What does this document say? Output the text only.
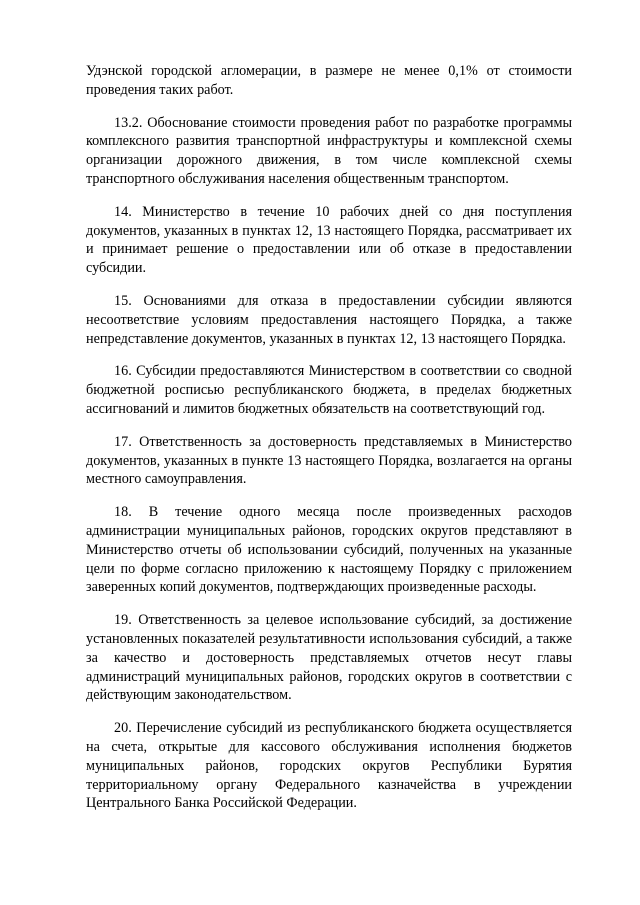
Удэнской городской агломерации, в размере не менее 0,1% от стоимости проведения таких работ.

13.2. Обоснование стоимости проведения работ по разработке программы комплексного развития транспортной инфраструктуры и комплексной схемы организации дорожного движения, в том числе комплексной схемы транспортного обслуживания населения общественным транспортом.

14. Министерство в течение 10 рабочих дней со дня поступления документов, указанных в пунктах 12, 13 настоящего Порядка, рассматривает их и принимает решение о предоставлении или об отказе в предоставлении субсидии.

15. Основаниями для отказа в предоставлении субсидии являются несоответствие условиям предоставления настоящего Порядка, а также непредставление документов, указанных в пунктах 12, 13 настоящего Порядка.

16. Субсидии предоставляются Министерством в соответствии со сводной бюджетной росписью республиканского бюджета, в пределах бюджетных ассигнований и лимитов бюджетных обязательств на соответствующий год.

17. Ответственность за достоверность представляемых в Министерство документов, указанных в пункте 13 настоящего Порядка, возлагается на органы местного самоуправления.

18. В течение одного месяца после произведенных расходов администрации муниципальных районов, городских округов представляют в Министерство отчеты об использовании субсидий, полученных на указанные цели по форме согласно приложению к настоящему Порядку с приложением заверенных копий документов, подтверждающих произведенные расходы.

19. Ответственность за целевое использование субсидий, за достижение установленных показателей результативности использования субсидий, а также за качество и достоверность представляемых отчетов несут главы администраций муниципальных районов, городских округов в соответствии с действующим законодательством.

20. Перечисление субсидий из республиканского бюджета осуществляется на счета, открытые для кассового обслуживания исполнения бюджетов муниципальных районов, городских округов Республики Бурятия территориальному органу Федерального казначейства в учреждении Центрального Банка Российской Федерации.
